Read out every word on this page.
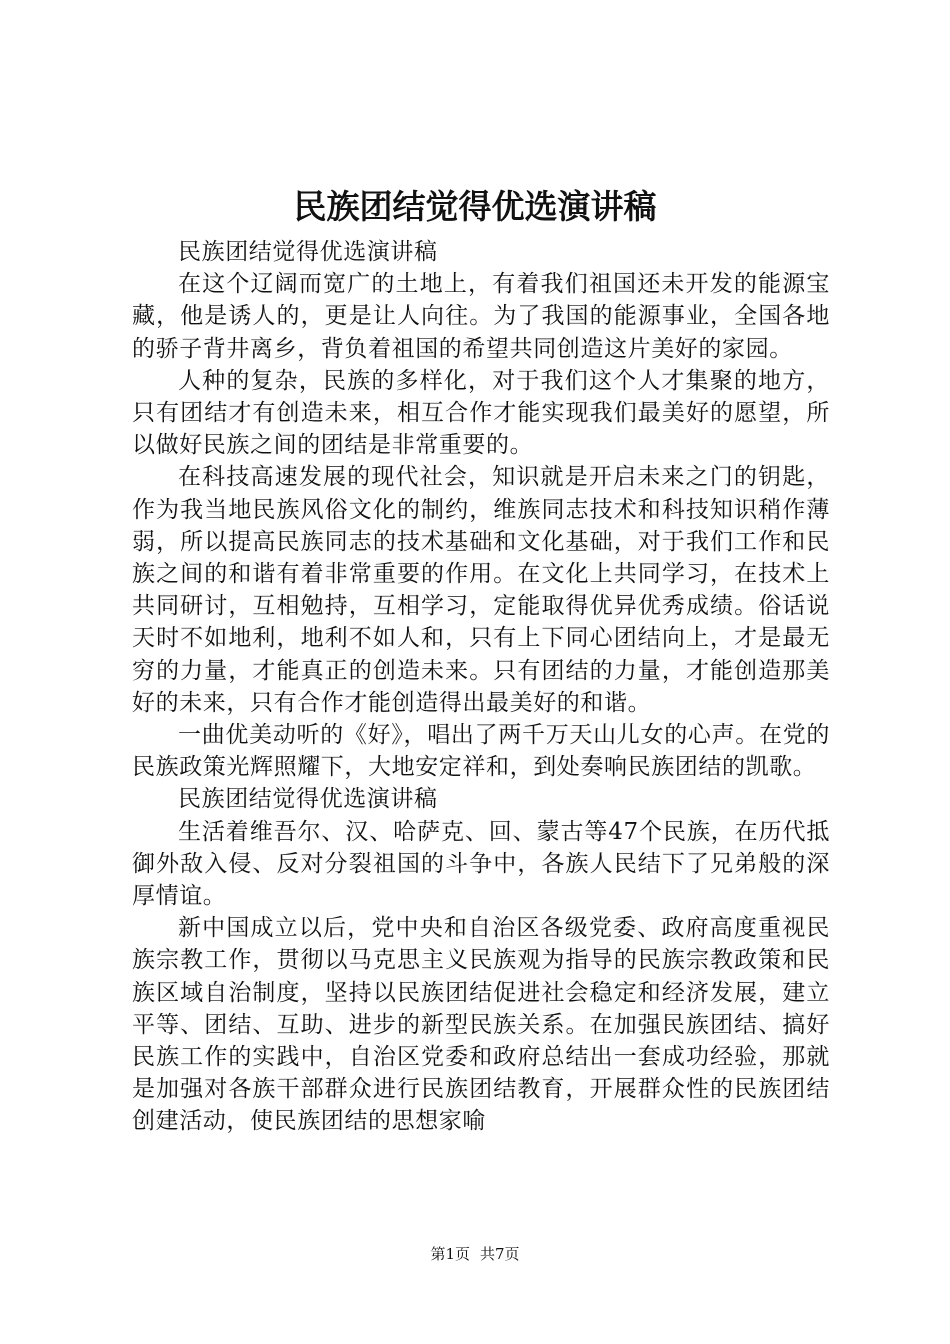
民族团结觉得优选演讲稿

民族团结觉得优选演讲稿

在这个辽阔而宽广的土地上，有着我们祖国还未开发的能源宝藏，他是诱人的，更是让人向往。为了我国的能源事业，全国各地的骄子背井离乡，背负着祖国的希望共同创造这片美好的家园。

人种的复杂，民族的多样化，对于我们这个人才集聚的地方，只有团结才有创造未来，相互合作才能实现我们最美好的愿望，所以做好民族之间的团结是非常重要的。

在科技高速发展的现代社会，知识就是开启未来之门的钥匙，作为我当地民族风俗文化的制约，维族同志技术和科技知识稍作薄弱，所以提高民族同志的技术基础和文化基础，对于我们工作和民族之间的和谐有着非常重要的作用。在文化上共同学习，在技术上共同研讨，互相勉持，互相学习，定能取得优异优秀成绩。俗话说天时不如地利，地利不如人和，只有上下同心团结向上，才是最无穷的力量，才能真正的创造未来。只有团结的力量，才能创造那美好的未来，只有合作才能创造得出最美好的和谐。

一曲优美动听的《好》，唱出了两千万天山儿女的心声。在党的民族政策光辉照耀下，大地安定祥和，到处奏响民族团结的凯歌。

民族团结觉得优选演讲稿

生活着维吾尔、汉、哈萨克、回、蒙古等47个民族，在历代抵御外敌入侵、反对分裂祖国的斗争中，各族人民结下了兄弟般的深厚情谊。

新中国成立以后，党中央和自治区各级党委、政府高度重视民族宗教工作，贯彻以马克思主义民族观为指导的民族宗教政策和民族区域自治制度，坚持以民族团结促进社会稳定和经济发展，建立平等、团结、互助、进步的新型民族关系。在加强民族团结、搞好民族工作的实践中，自治区党委和政府总结出一套成功经验，那就是加强对各族干部群众进行民族团结教育，开展群众性的民族团结创建活动，使民族团结的思想家喻

第1页 共7页
